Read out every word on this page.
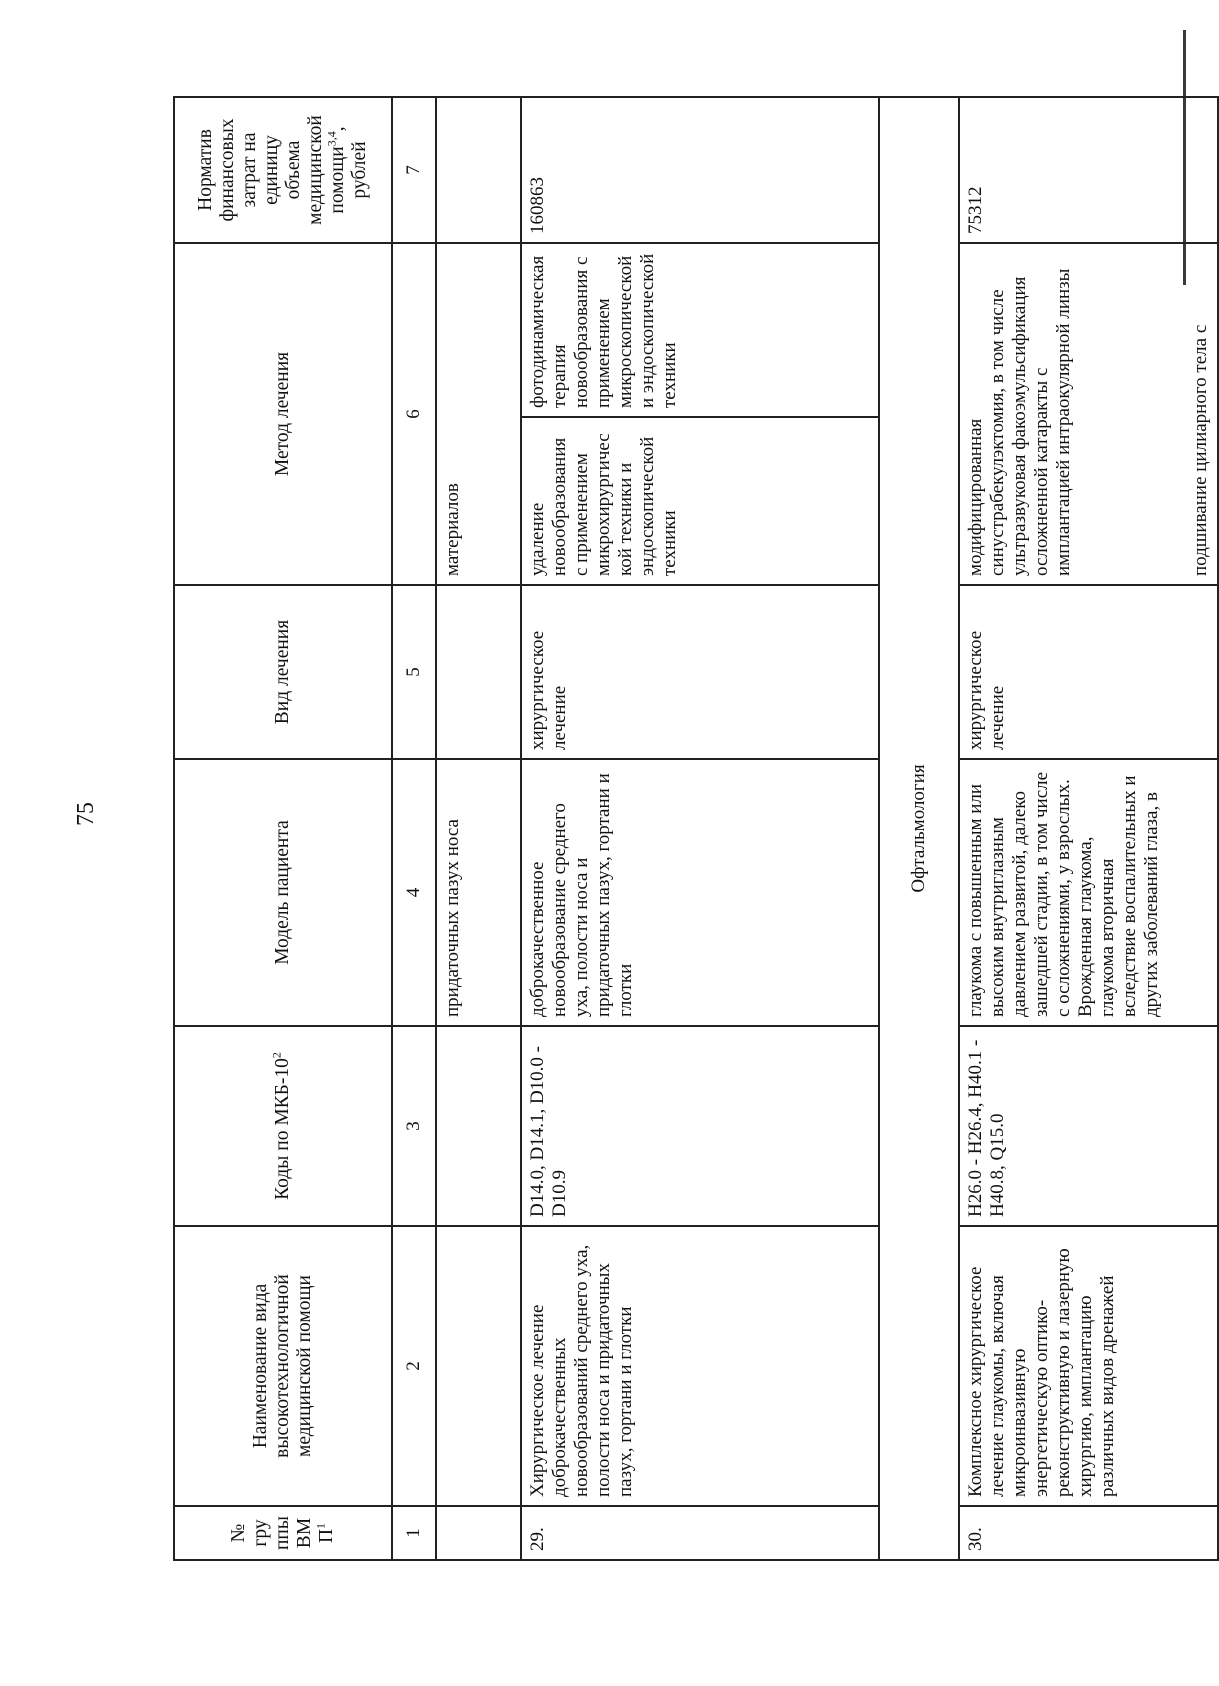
75
№ группы ВМП$^1$	Наименование вида высокотехнологичной медицинской помощи	Коды по МКБ-$10^2$	Модель пациента	Вид лечения	Метод лечения		Норматив финансовых затрат на единицу объема медицинской помощи$^{3,4}$, рублей
1	2	3	4	5	6		7
			придаточных пазух носа		материалов		
29.	Хирургическое лечение доброкачественных новообразований среднего уха, полости носа и придаточных пазух, гортани и глотки	D14.0, D14.1, D10.0 - D10.9	доброкачественное новообразование среднего уха, полости носа и придаточных пазух, гортани и глотки	хирургическое лечение	удаление новообразования с применением микрохирургической техники и эндоскопической техники	фотодинамическая терапия новообразования с применением микроскопической и эндоскопической техники	160863
Офтальмология							
30.	Комплексное хирургическое лечение глаукомы, включая микроинвазивную энергетическую оптико-реконструктивную и лазерную хирургию, имплантацию различных видов дренажей	H26.0 - H26.4, H40.1 - H40.8, Q15.0	глаукома с повышенным или высоким внутриглазным давлением развитой, далеко зашедшей стадии, в том числе с осложнениями, у взрослых. Врожденная глаукома, глаукома вторичная вследствие воспалительных и других заболеваний глаза, в	хирургическое лечение	модифицированная синустрабекулэктомия, в том числе ультразвуковая факоэмульсификация осложненной катаракты с имплантацией интраокулярной линзы подшивание цилиарного тела с		75312
